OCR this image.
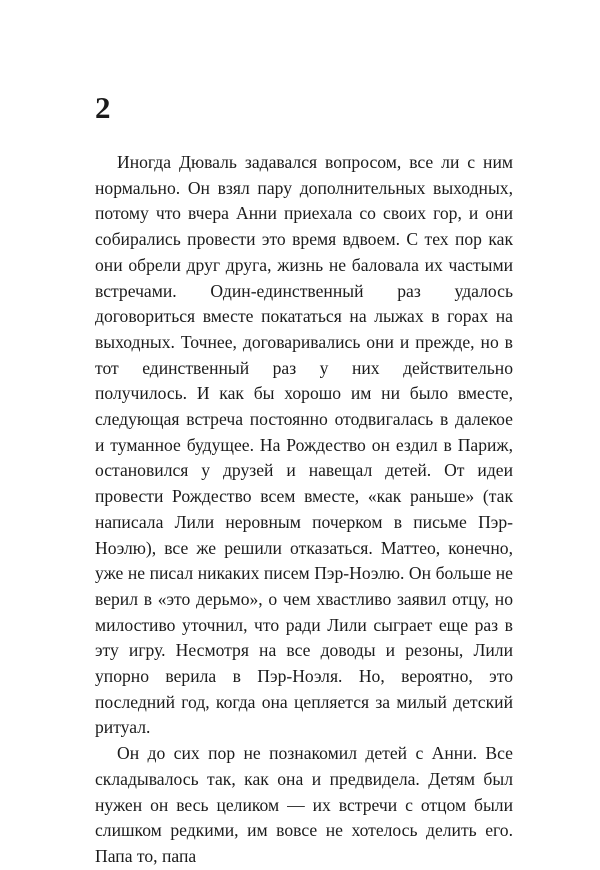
2

Иногда Дюваль задавался вопросом, все ли с ним нормально. Он взял пару дополнительных выходных, потому что вчера Анни приехала со своих гор, и они собирались провести это время вдвоем. С тех пор как они обрели друг друга, жизнь не баловала их частыми встречами. Один-единственный раз удалось договориться вместе покататься на лыжах в горах на выходных. Точнее, договаривались они и прежде, но в тот единственный раз у них действительно получилось. И как бы хорошо им ни было вместе, следующая встреча постоянно отодвигалась в далекое и туманное будущее. На Рождество он ездил в Париж, остановился у друзей и навещал детей. От идеи провести Рождество всем вместе, «как раньше» (так написала Лили неровным почерком в письме Пэр-Ноэлю), все же решили отказаться. Маттео, конечно, уже не писал никаких писем Пэр-Ноэлю. Он больше не верил в «это дерьмо», о чем хвастливо заявил отцу, но милостиво уточнил, что ради Лили сыграет еще раз в эту игру. Несмотря на все доводы и резоны, Лили упорно верила в Пэр-Ноэля. Но, вероятно, это последний год, когда она цепляется за милый детский ритуал.

Он до сих пор не познакомил детей с Анни. Все складывалось так, как она и предвидела. Детям был нужен он весь целиком — их встречи с отцом были слишком редкими, им вовсе не хотелось делить его. Папа то, папа
